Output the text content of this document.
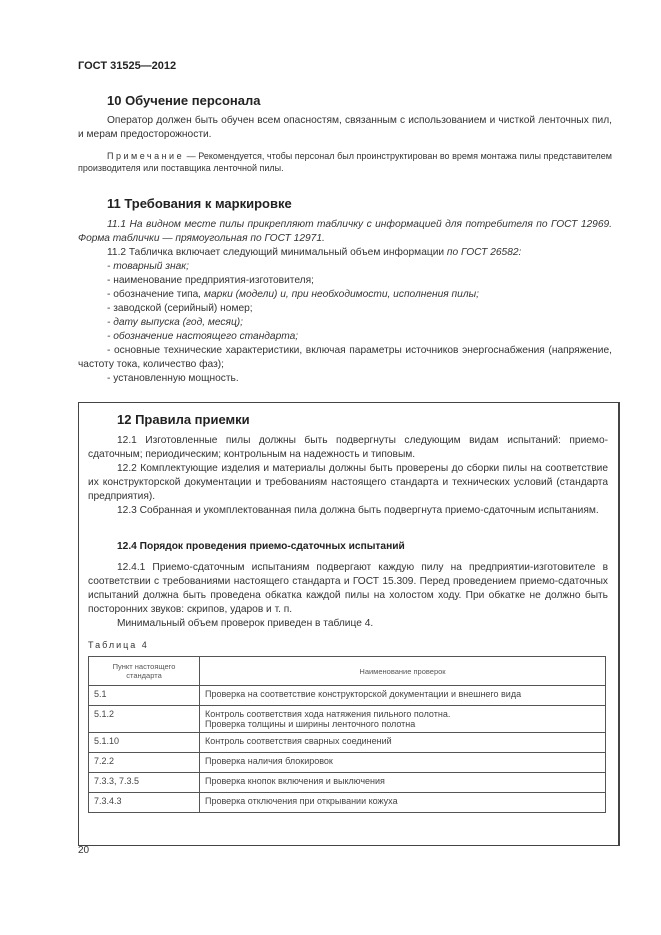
ГОСТ 31525—2012
10 Обучение персонала
Оператор должен быть обучен всем опасностям, связанным с использованием и чисткой ленточных пил, и мерам предосторожности.
Примечание — Рекомендуется, чтобы персонал был проинструктирован во время монтажа пилы представителем производителя или поставщика ленточной пилы.
11 Требования к маркировке
11.1 На видном месте пилы прикрепляют табличку с информацией для потребителя по ГОСТ 12969. Форма таблички — прямоугольная по ГОСТ 12971.
11.2 Табличка включает следующий минимальный объем информации по ГОСТ 26582:
- товарный знак;
- наименование предприятия-изготовителя;
- обозначение типа, марки (модели) и, при необходимости, исполнения пилы;
- заводской (серийный) номер;
- дату выпуска (год, месяц);
- обозначение настоящего стандарта;
- основные технические характеристики, включая параметры источников энергоснабжения (напряжение, частоту тока, количество фаз);
- установленную мощность.
12 Правила приемки
12.1 Изготовленные пилы должны быть подвергнуты следующим видам испытаний: приемо-сдаточным; периодическим; контрольным на надежность и типовым.
12.2 Комплектующие изделия и материалы должны быть проверены до сборки пилы на соответствие их конструкторской документации и требованиям настоящего стандарта и технических условий (стандарта предприятия).
12.3 Собранная и укомплектованная пила должна быть подвергнута приемо-сдаточным испытаниям.
12.4 Порядок проведения приемо-сдаточных испытаний
12.4.1 Приемо-сдаточным испытаниям подвергают каждую пилу на предприятии-изготовителе в соответствии с требованиями настоящего стандарта и ГОСТ 15.309. Перед проведением приемо-сдаточных испытаний должна быть проведена обкатка каждой пилы на холостом ходу. При обкатке не должно быть посторонних звуков: скрипов, ударов и т. п.
Минимальный объем проверок приведен в таблице 4.
Таблица 4
Пункт настоящего стандарта	Наименование проверок
5.1	Проверка на соответствие конструкторской документации и внешнего вида
5.1.2	Контроль соответствия хода натяжения пильного полотна.
Проверка толщины и ширины ленточного полотна

5.1.10	Контроль соответствия сварных соединений
7.2.2	Проверка наличия блокировок
7.3.3, 7.3.5	Проверка кнопок включения и выключения
7.3.4.3	Проверка отключения при открывании кожуха
20
